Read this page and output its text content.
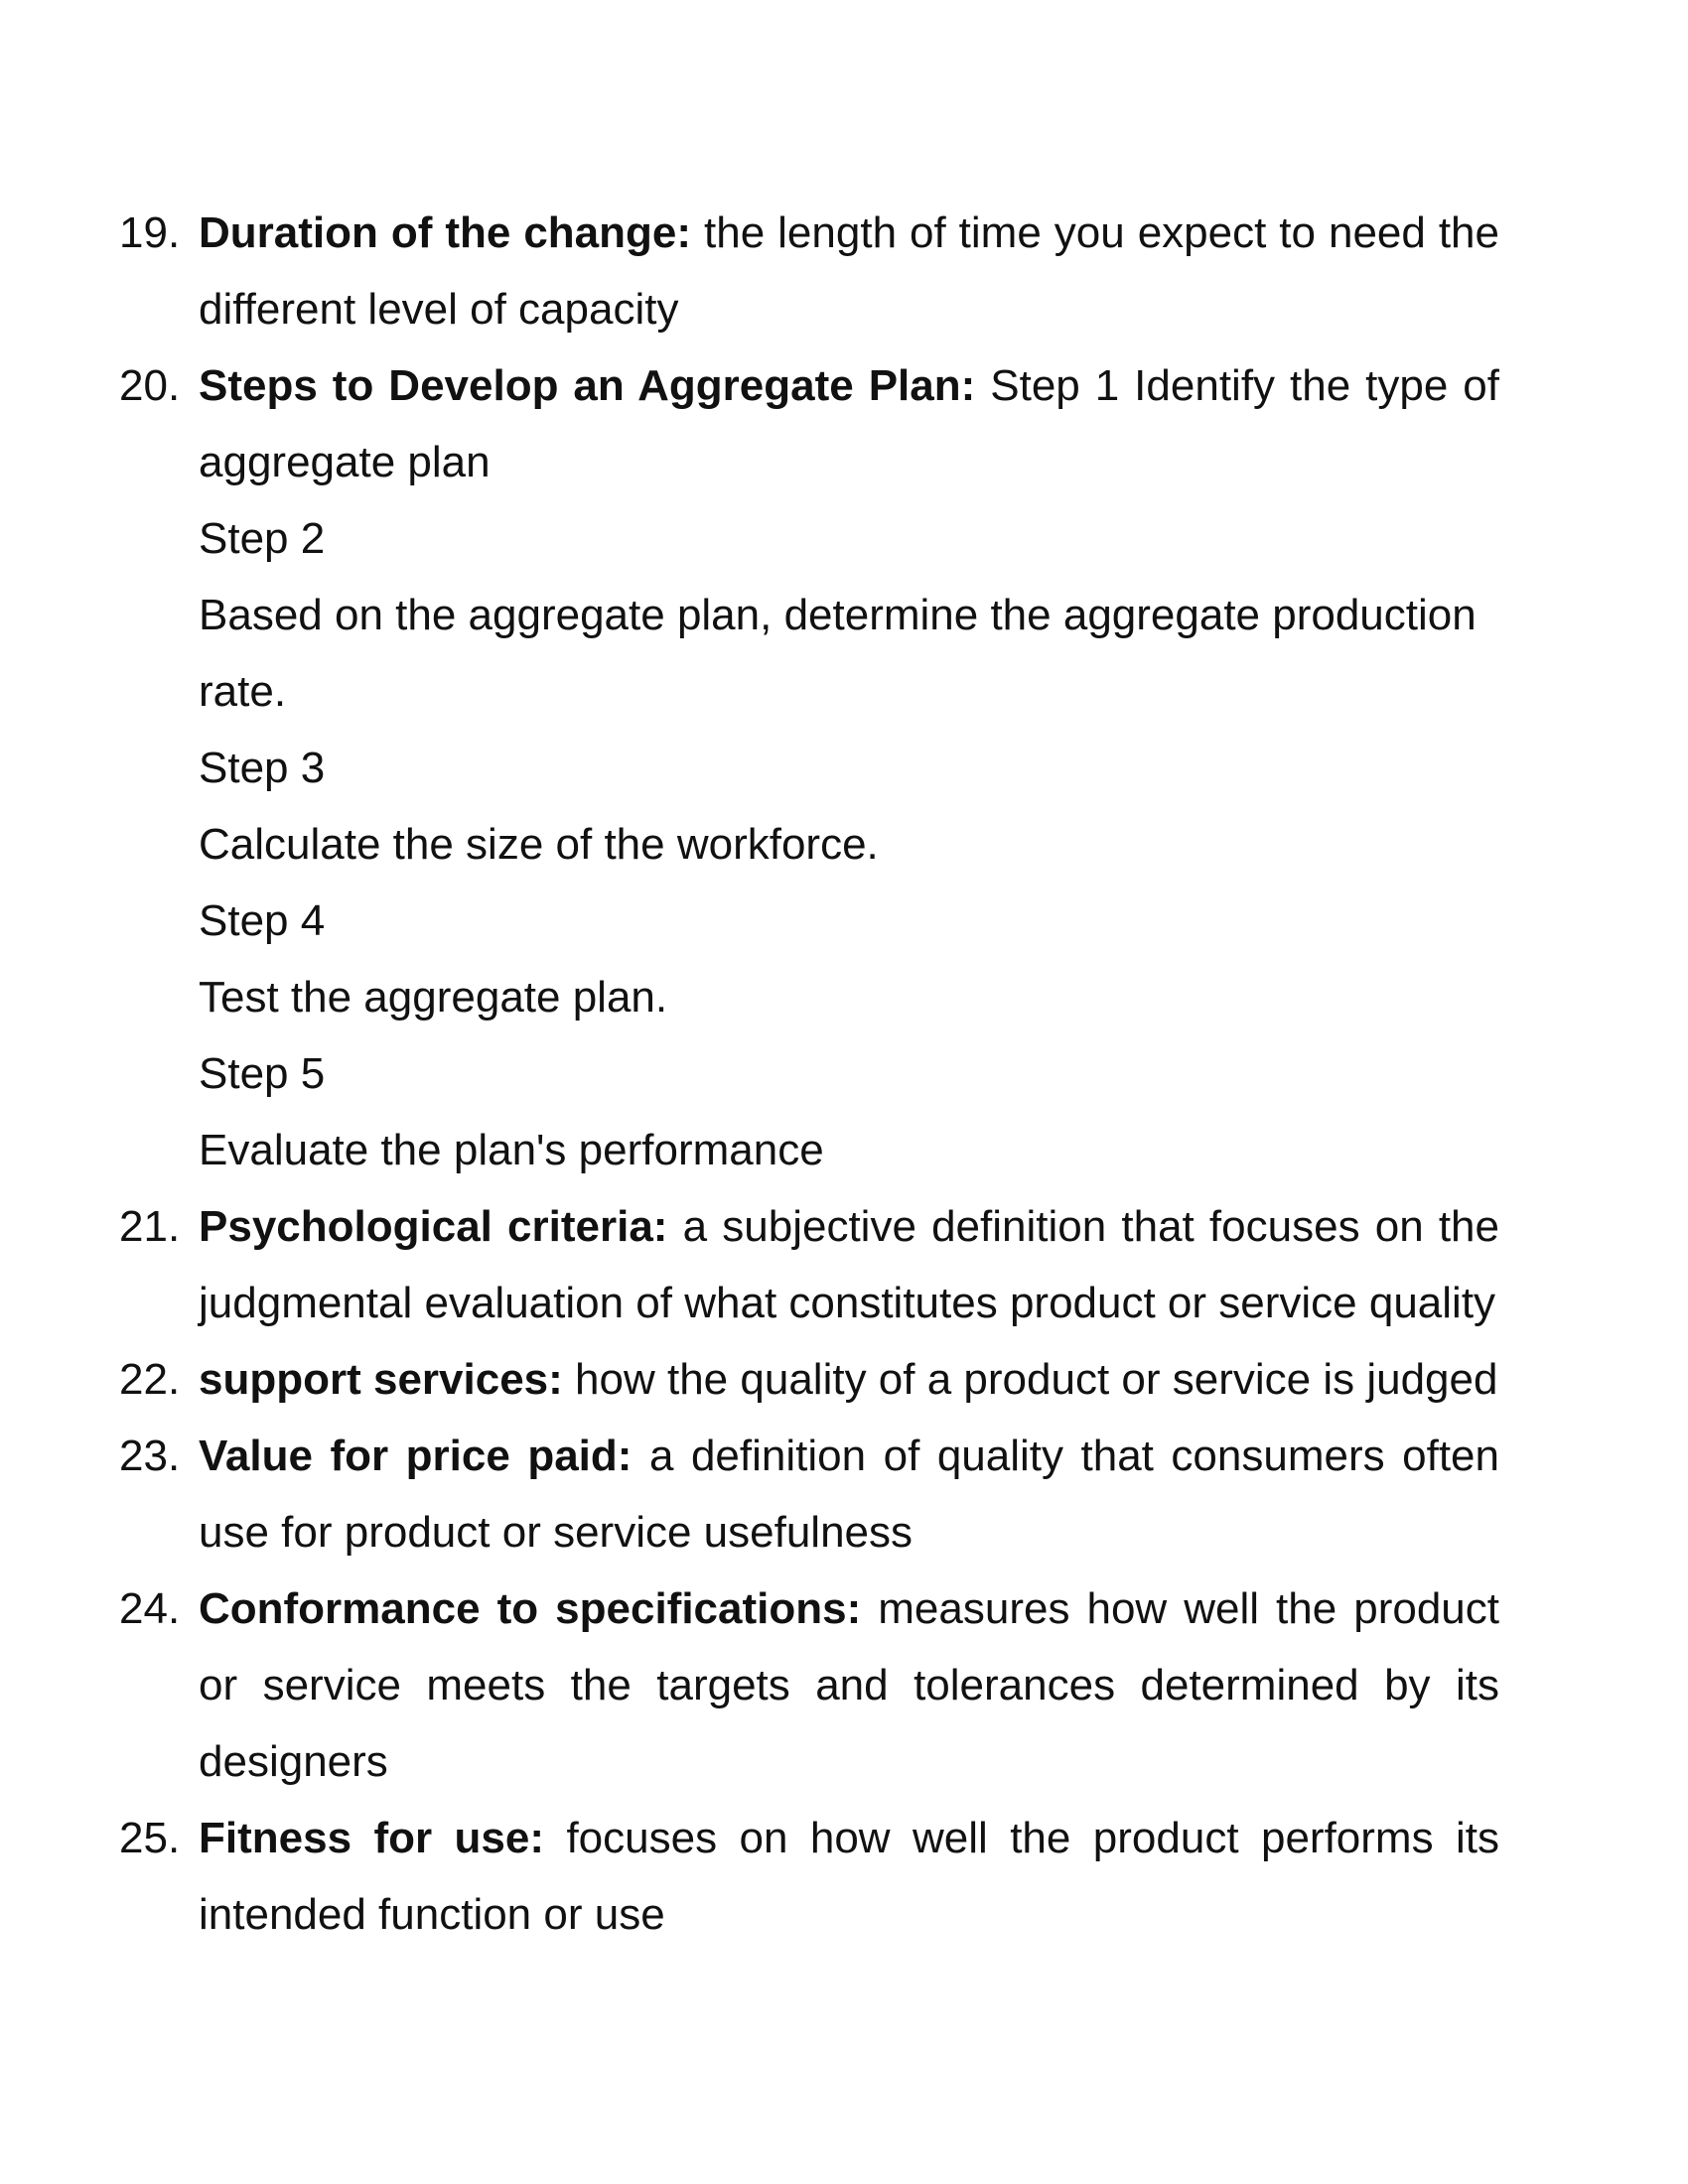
19. Duration of the change: the length of time you expect to need the different level of capacity
20. Steps to Develop an Aggregate Plan: Step 1 Identify the type of aggregate plan
Step 2
Based on the aggregate plan, determine the aggregate production rate.
Step 3
Calculate the size of the workforce.
Step 4
Test the aggregate plan.
Step 5
Evaluate the plan's performance
21. Psychological criteria: a subjective definition that focuses on the judgmental evaluation of what constitutes product or service quality
22. support services: how the quality of a product or service is judged
23. Value for price paid: a definition of quality that consumers often use for product or service usefulness
24. Conformance to specifications: measures how well the product or service meets the targets and tolerances determined by its designers
25. Fitness for use: focuses on how well the product performs its intended function or use
